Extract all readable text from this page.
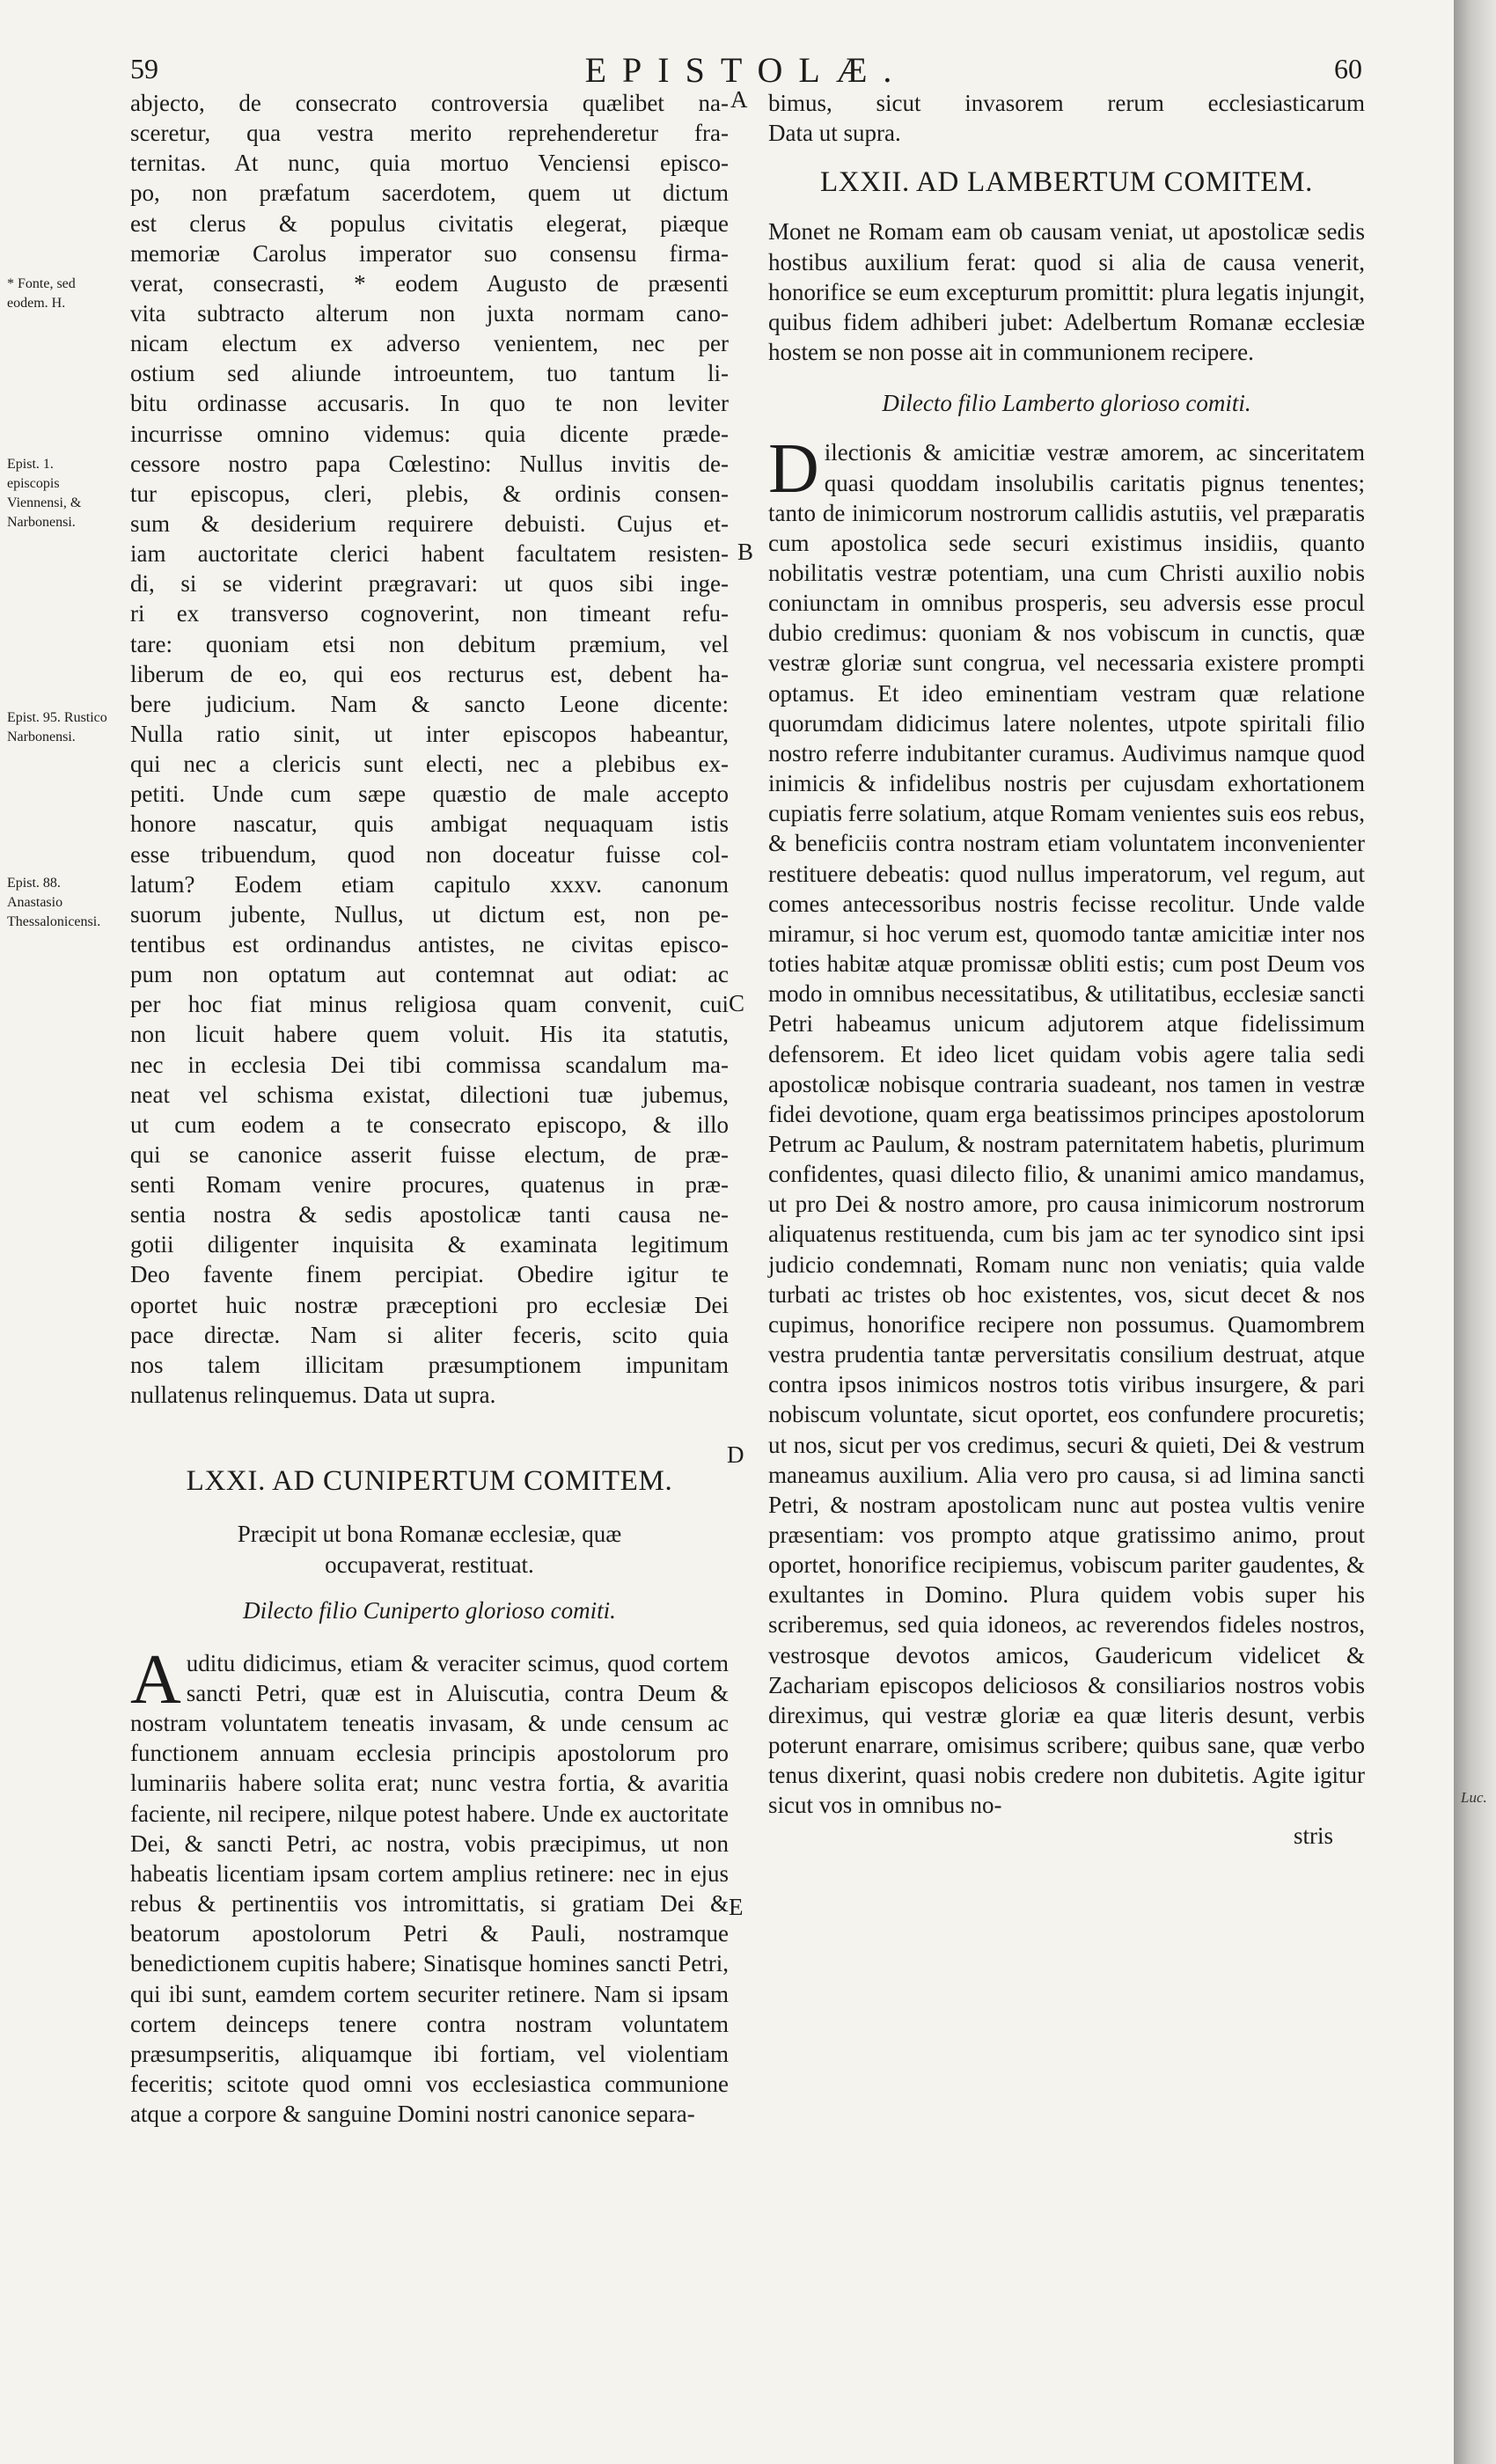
59	EPISTOLÆ.	60
* Fonte, sed eodem. H.
Epist. 1. episcopis Viennensi, & Narbonensi.
Epist. 95. Rustico Narbonensi.
Epist. 88. Anastasio Thessalonicensi.
A
B
C
D
E
abjecto, de consecrato controversia quælibet na-
sceretur, qua vestra merito reprehenderetur fra-
ternitas. At nunc, quia mortuo Venciensi episco-
po, non præfatum sacerdotem, quem ut dictum
est clerus & populus civitatis elegerat, piæque
memoriæ Carolus imperator suo consensu firma-
verat, consecrasti, * eodem Augusto de præsenti
vita subtracto alterum non juxta normam cano-
nicam electum ex adverso venientem, nec per
ostium sed aliunde introeuntem, tuo tantum li-
bitu ordinasse accusaris. In quo te non leviter
incurrisse omnino videmus: quia dicente præde-
cessore nostro papa Cœlestino: Nullus invitis de-
tur episcopus, cleri, plebis, & ordinis consen-
sum & desiderium requirere debuisti. Cujus et-
iam auctoritate clerici habent facultatem resisten-
di, si se viderint prægravari: ut quos sibi inge-
ri ex transverso cognoverint, non timeant refu-
tare: quoniam etsi non debitum præmium, vel
liberum de eo, qui eos recturus est, debent ha-
bere judicium. Nam & sancto Leone dicente:
Nulla ratio sinit, ut inter episcopos habeantur,
qui nec a clericis sunt electi, nec a plebibus ex-
petiti. Unde cum sæpe quæstio de male accepto
honore nascatur, quis ambigat nequaquam istis
esse tribuendum, quod non doceatur fuisse col-
latum? Eodem etiam capitulo xxxv. canonum
suorum jubente, Nullus, ut dictum est, non pe-
tentibus est ordinandus antistes, ne civitas episco-
pum non optatum aut contemnat aut odiat: ac
per hoc fiat minus religiosa quam convenit, cui
non licuit habere quem voluit. His ita statutis,
nec in ecclesia Dei tibi commissa scandalum ma-
neat vel schisma existat, dilectioni tuæ jubemus,
ut cum eodem a te consecrato episcopo, & illo
qui se canonice asserit fuisse electum, de præ-
senti Romam venire procures, quatenus in præ-
sentia nostra & sedis apostolicæ tanti causa ne-
gotii diligenter inquisita & examinata legitimum
Deo favente finem percipiat. Obedire igitur te
oportet huic nostræ præceptioni pro ecclesiæ Dei
pace directæ. Nam si aliter feceris, scito quia
nos talem illicitam præsumptionem impunitam
nullatenus relinquemus. Data ut supra.
LXXI. AD CUNIPERTUM COMITEM.
Præcipit ut bona Romanæ ecclesiæ, quæ occupaverat, restituat.
Dilecto filio Cuniperto glorioso comiti.

Auditu didicimus, etiam & veraciter scimus, quod cortem sancti Petri, quæ est in Aluiscutia, contra Deum & nostram voluntatem teneatis invasam, & unde censum ac functionem annuam ecclesia principis apostolorum pro luminariis habere solita erat; nunc vestra fortia, & avaritia faciente, nil recipere, nilque potest habere. Unde ex auctoritate Dei, & sancti Petri, ac nostra, vobis præcipimus, ut non habeatis licentiam ipsam cortem amplius retinere: nec in ejus rebus & pertinentiis vos intromittatis, si gratiam Dei & beatorum apostolorum Petri & Pauli, nostramque benedictionem cupitis habere; Sinatisque homines sancti Petri, qui ibi sunt, eamdem cortem securiter retinere. Nam si ipsam cortem deinceps tenere contra nostram voluntatem præsumpseritis, aliquamque ibi fortiam, vel violentiam feceritis; scitote quod omni vos ecclesiastica communione atque a corpore & sanguine Domini nostri canonice separa-

bimus, sicut invasorem rerum ecclesiasticarum
Data ut supra.
LXXII. AD LAMBERTUM COMITEM.

Monet ne Romam eam ob causam veniat, ut apostolicæ sedis hostibus auxilium ferat: quod si alia de causa venerit, honorifice se eum excepturum promittit: plura legatis injungit, quibus fidem adhiberi jubet: Adelbertum Romanæ ecclesiæ hostem se non posse ait in communionem recipere.

Dilecto filio Lamberto glorioso comiti.

Dilectionis & amicitiæ vestræ amorem, ac sinceritatem quasi quoddam insolubilis caritatis pignus tenentes; tanto de inimicorum nostrorum callidis astutiis, vel præparatis cum apostolica sede securi existimus insidiis, quanto nobilitatis vestræ potentiam, una cum Christi auxilio nobis coniunctam in omnibus prosperis, seu adversis esse procul dubio credimus: quoniam & nos vobiscum in cunctis, quæ vestræ gloriæ sunt congrua, vel necessaria existere prompti optamus. Et ideo eminentiam vestram quæ relatione quorumdam didicimus latere nolentes, utpote spiritali filio nostro referre indubitanter curamus. Audivimus namque quod inimicis & infidelibus nostris per cujusdam exhortationem cupiatis ferre solatium, atque Romam venientes suis eos rebus, & beneficiis contra nostram etiam voluntatem inconvenienter restituere debeatis: quod nullus imperatorum, vel regum, aut comes antecessoribus nostris fecisse recolitur. Unde valde miramur, si hoc verum est, quomodo tantæ amicitiæ inter nos toties habitæ atquæ promissæ obliti estis; cum post Deum vos modo in omnibus necessitatibus, & utilitatibus, ecclesiæ sancti Petri habeamus unicum adjutorem atque fidelissimum defensorem. Et ideo licet quidam vobis agere talia sedi apostolicæ nobisque contraria suadeant, nos tamen in vestræ fidei devotione, quam erga beatissimos principes apostolorum Petrum ac Paulum, & nostram paternitatem habetis, plurimum confidentes, quasi dilecto filio, & unanimi amico mandamus, ut pro Dei & nostro amore, pro causa inimicorum nostrorum aliquatenus restituenda, cum bis jam ac ter synodico sint ipsi judicio condemnati, Romam nunc non veniatis; quia valde turbati ac tristes ob hoc existentes, vos, sicut decet & nos cupimus, honorifice recipere non possumus. Quamombrem vestra prudentia tantæ perversitatis consilium destruat, atque contra ipsos inimicos nostros totis viribus insurgere, & pari nobiscum voluntate, sicut oportet, eos confundere procuretis; ut nos, sicut per vos credimus, securi & quieti, Dei & vestrum maneamus auxilium. Alia vero pro causa, si ad limina sancti Petri, & nostram apostolicam nunc aut postea vultis venire præsentiam: vos prompto atque gratissimo animo, prout oportet, honorifice recipiemus, vobiscum pariter gaudentes, & exultantes in Domino. Plura quidem vobis super his scriberemus, sed quia idoneos, ac reverendos fideles nostros, vestrosque devotos amicos, Gaudericum videlicet & Zachariam episcopos deliciosos & consiliarios nostros vobis direximus, qui vestræ gloriæ ea quæ literis desunt, verbis poterunt enarrare, omisimus scribere; quibus sane, quæ verbo tenus dixerint, quasi nobis credere non dubitetis. Agite igitur sicut vos in omnibus no-

stris
Luc.
